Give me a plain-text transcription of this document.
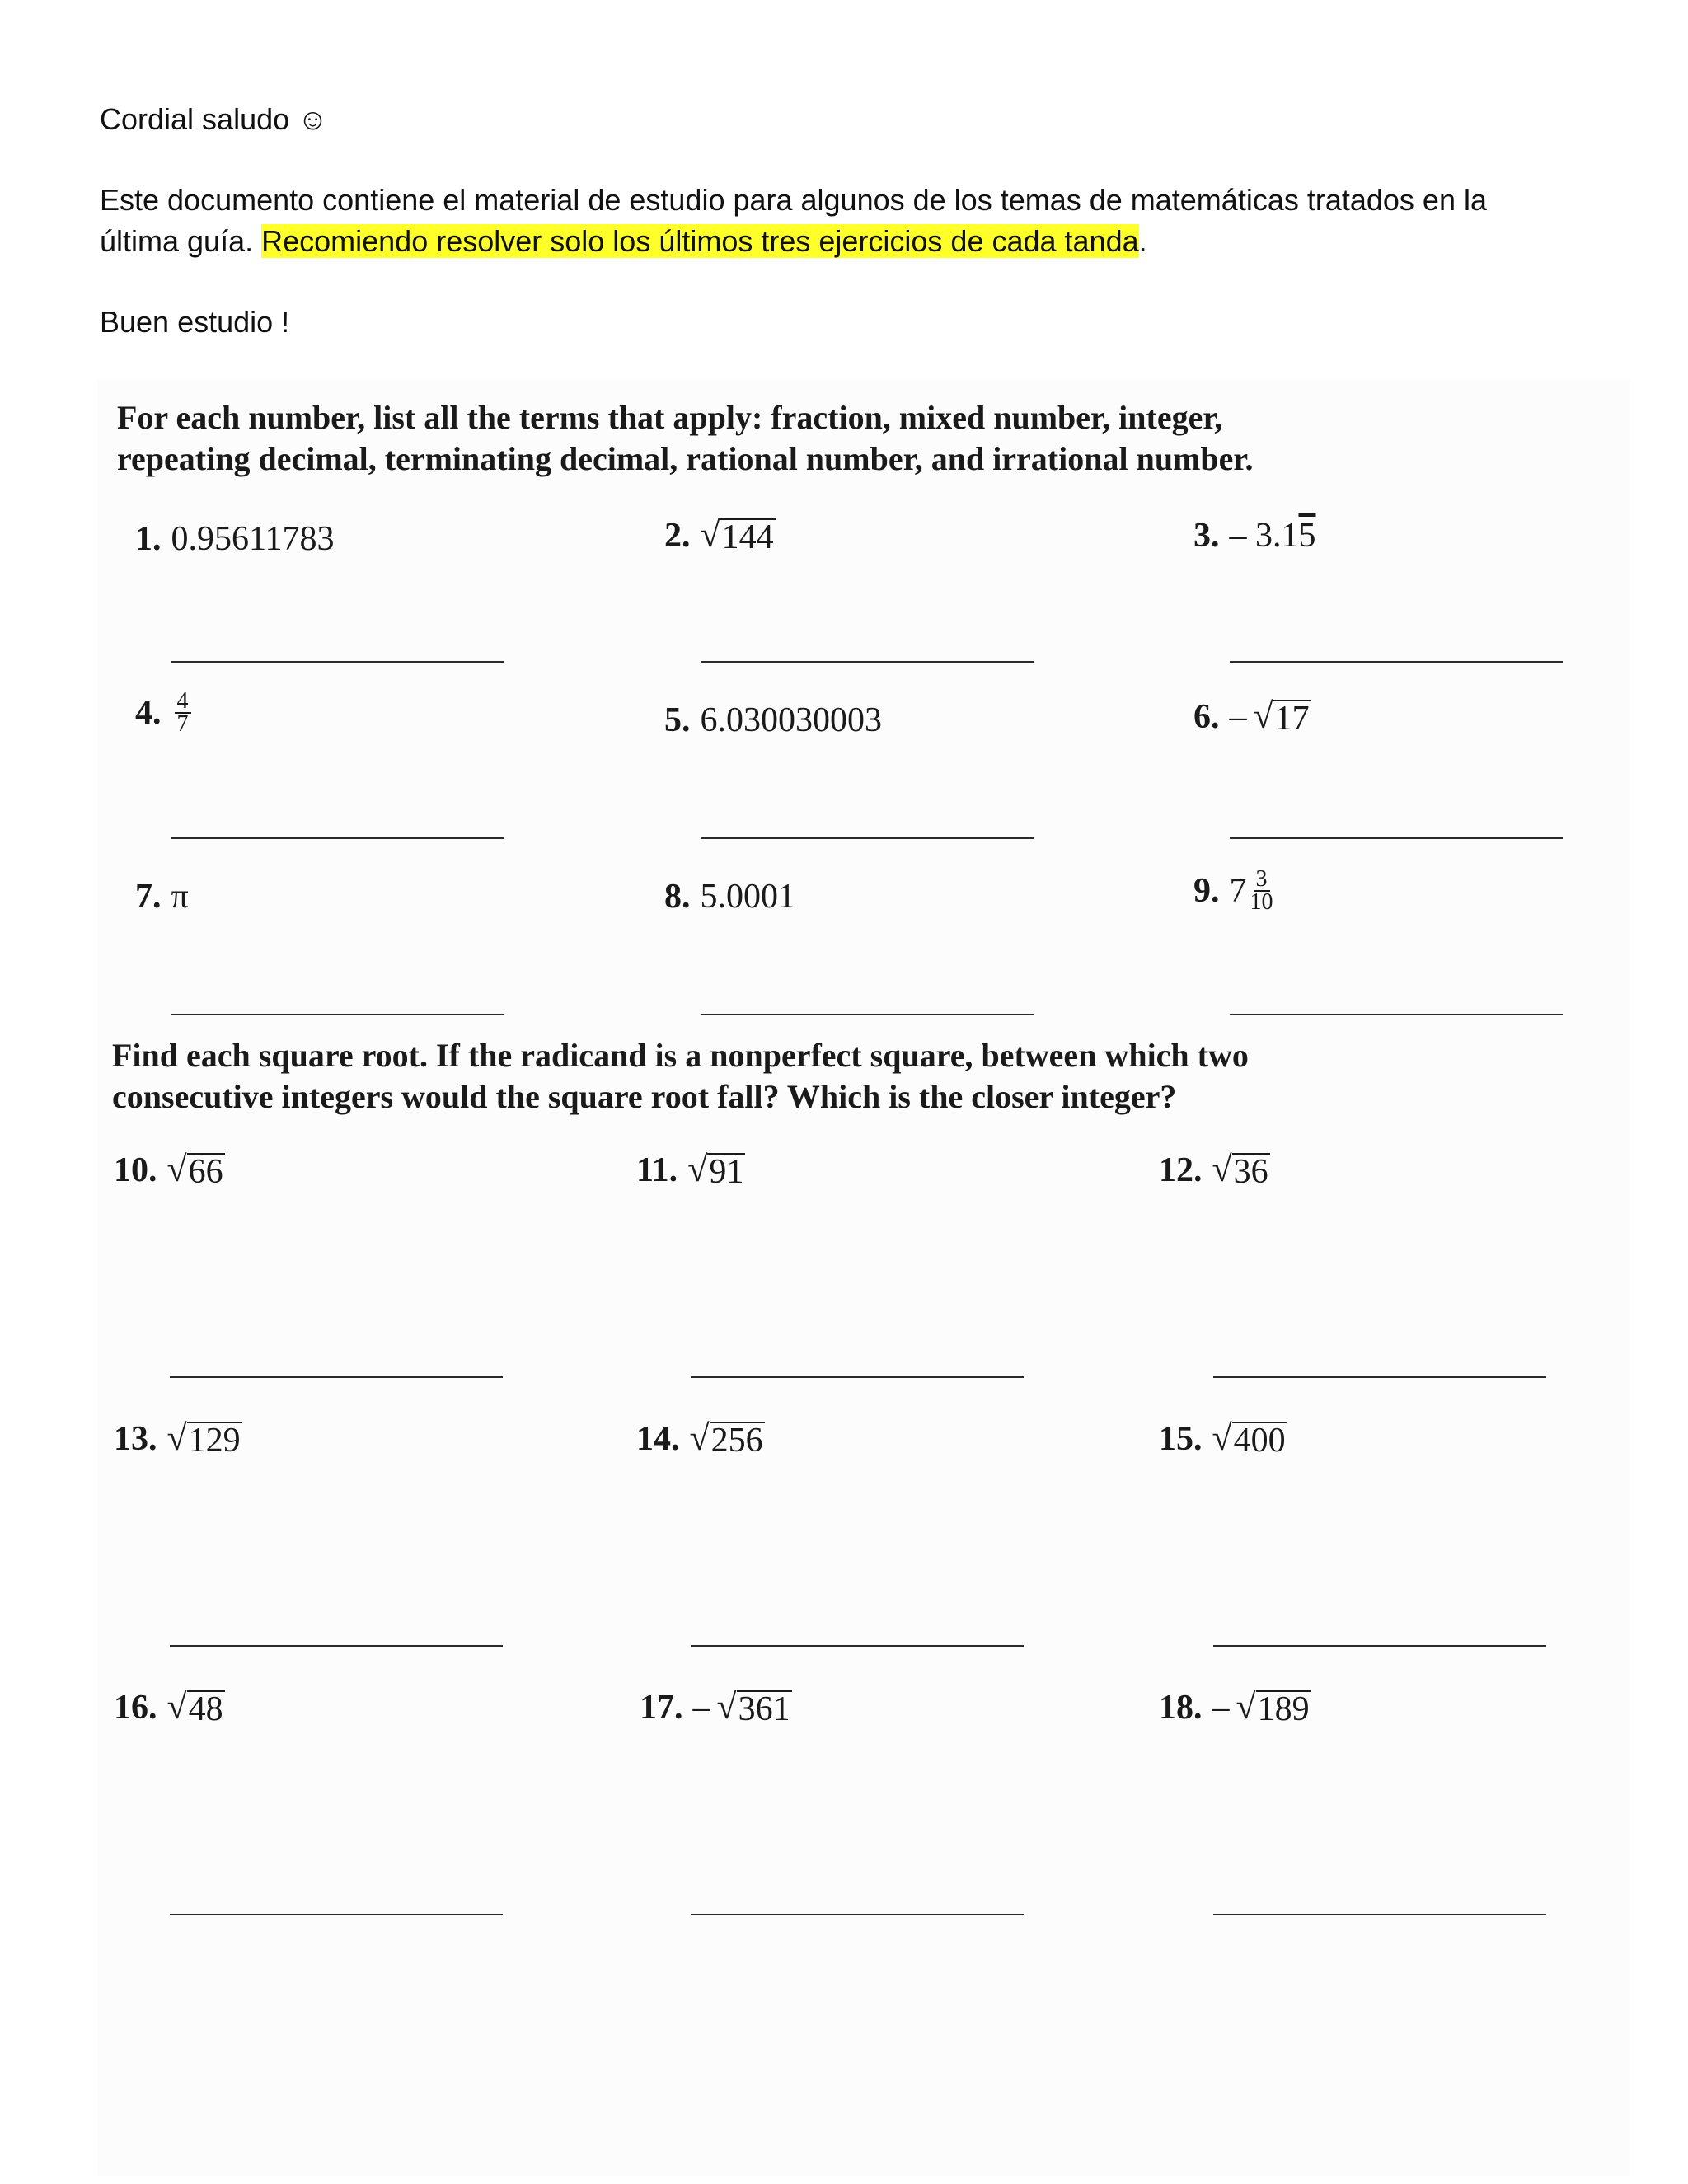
Cordial saludo ☺
Este documento contiene el material de estudio para algunos de los temas de matemáticas tratados en la
última guía. Recomiendo resolver solo los últimos tres ejercicios de cada tanda.
Buen estudio !
For each number, list all the terms that apply: fraction, mixed number, integer,
repeating decimal, terminating decimal, rational number, and irrational number.
1. 0.95611783	2. √ 144	3. – 3.1 5
4. $\frac{4}{7}$	5. 6.030030003	6. – √ 17
7. π	8. 5.0001	9. $7 \frac{3}{10}$
Find each square root. If the radicand is a nonperfect square, between which two
consecutive integers would the square root fall? Which is the closer integer?
10. √ 66	11. √ 91	12. √ 36
13. √ 129	14. √ 256	15. √ 400
16. √ 48	17. – √ 361	18. – √ 189
